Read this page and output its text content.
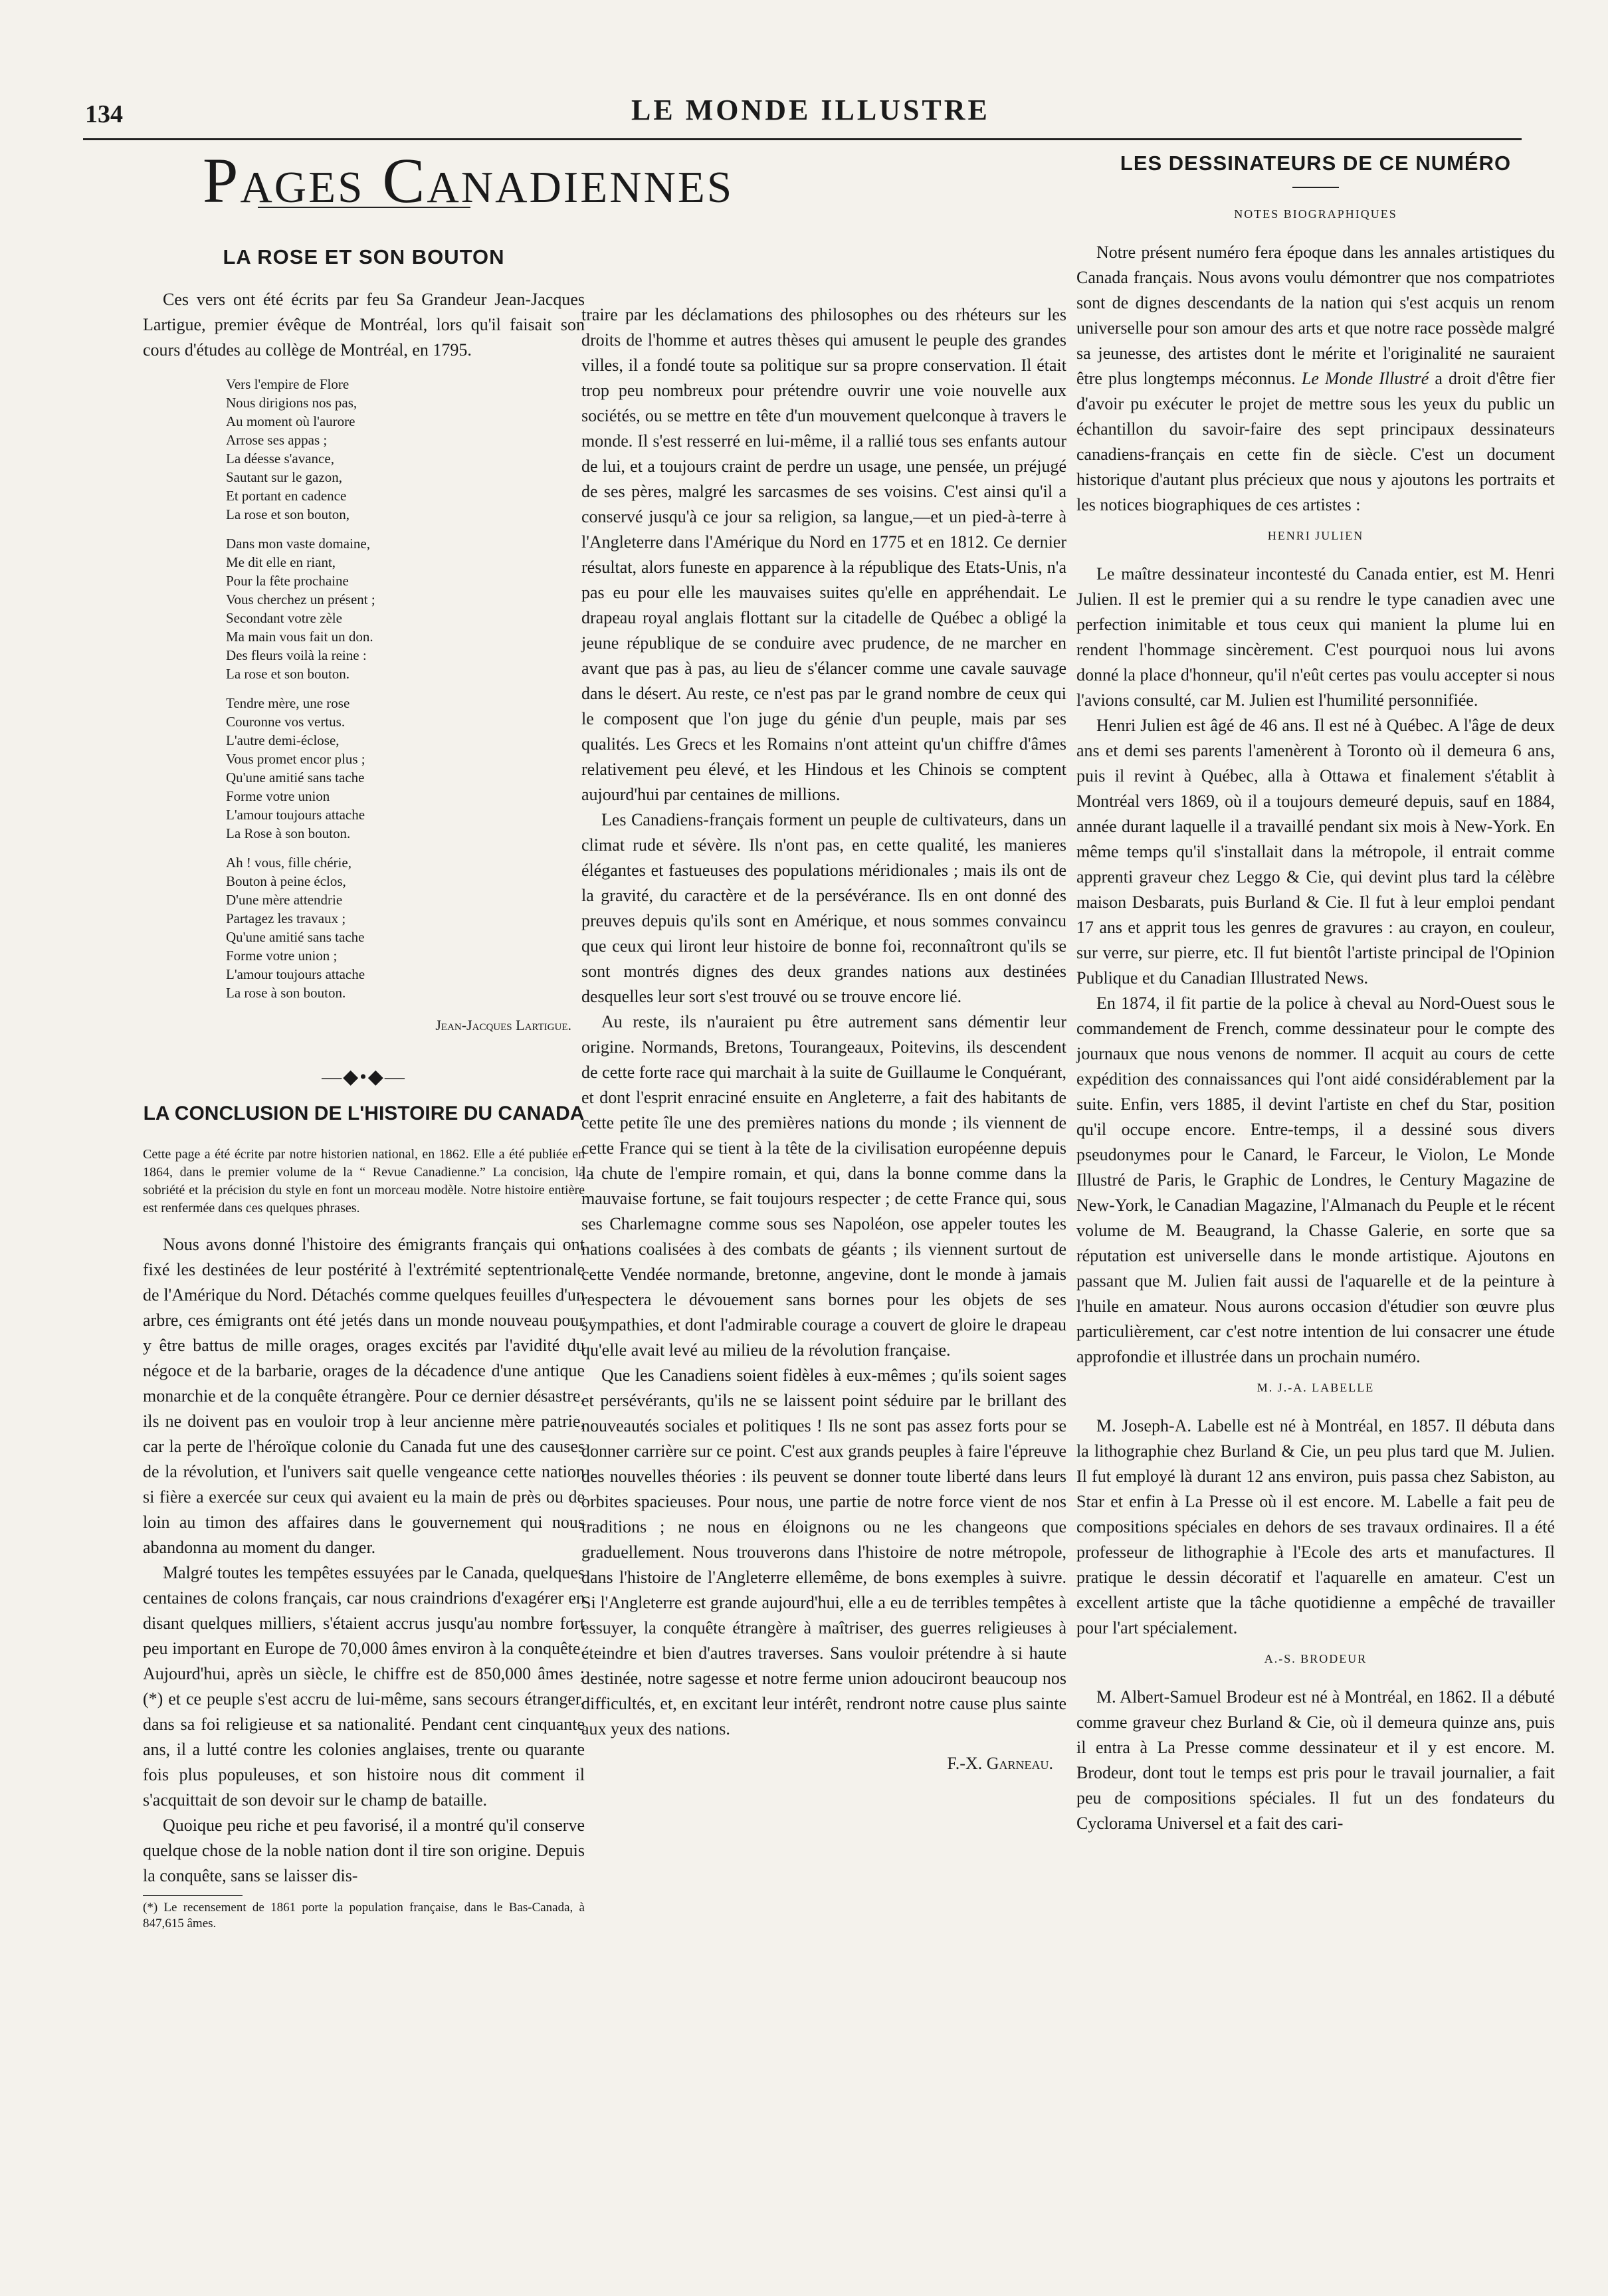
134	LE MONDE ILLUSTRE
Pages Canadiennes
LA ROSE ET SON BOUTON

Ces vers ont été écrits par feu Sa Grandeur Jean-Jacques Lartigue, premier évêque de Montréal, lors qu'il faisait son cours d'études au collège de Montréal, en 1795.

Vers l'empire de Flore
Nous dirigions nos pas,
Au moment où l'aurore
Arrose ses appas ;
La déesse s'avance,
Sautant sur le gazon,
Et portant en cadence
La rose et son bouton,
Dans mon vaste domaine,
Me dit elle en riant,
Pour la fête prochaine
Vous cherchez un présent ;
Secondant votre zèle
Ma main vous fait un don.
Des fleurs voilà la reine :
La rose et son bouton.
Tendre mère, une rose
Couronne vos vertus.
L'autre demi-éclose,
Vous promet encor plus ;
Qu'une amitié sans tache
Forme votre union
L'amour toujours attache
La Rose à son bouton.
Ah ! vous, fille chérie,
Bouton à peine éclos,
D'une mère attendrie
Partagez les travaux ;
Qu'une amitié sans tache
Forme votre union ;
L'amour toujours attache
La rose à son bouton.
Jean-Jacques Lartigue.
―◆•◆―
LA CONCLUSION DE L'HISTOIRE DU CANADA
Cette page a été écrite par notre historien national, en 1862. Elle a été publiée en 1864, dans le premier volume de la “ Revue Canadienne.” La concision, la sobriété et la précision du style en font un morceau modèle. Notre histoire entière est renfermée dans ces quelques phrases.

Nous avons donné l'histoire des émigrants français qui ont fixé les destinées de leur postérité à l'extrémité septentrionale de l'Amérique du Nord. Détachés comme quelques feuilles d'un arbre, ces émigrants ont été jetés dans un monde nouveau pour y être battus de mille orages, orages excités par l'avidité du négoce et de la barbarie, orages de la décadence d'une antique monarchie et de la conquête étrangère. Pour ce dernier désastre, ils ne doivent pas en vouloir trop à leur ancienne mère patrie, car la perte de l'héroïque colonie du Canada fut une des causes de la révolution, et l'univers sait quelle vengeance cette nation si fière a exercée sur ceux qui avaient eu la main de près ou de loin au timon des affaires dans le gouvernement qui nous abandonna au moment du danger.

Malgré toutes les tempêtes essuyées par le Canada, quelques centaines de colons français, car nous craindrions d'exagérer en disant quelques milliers, s'étaient accrus jusqu'au nombre fort peu important en Europe de 70,000 âmes environ à la conquête. Aujourd'hui, après un siècle, le chiffre est de 850,000 âmes ; (*) et ce peuple s'est accru de lui-même, sans secours étranger, dans sa foi religieuse et sa nationalité. Pendant cent cinquante ans, il a lutté contre les colonies anglaises, trente ou quarante fois plus populeuses, et son histoire nous dit comment il s'acquittait de son devoir sur le champ de bataille.

Quoique peu riche et peu favorisé, il a montré qu'il conserve quelque chose de la noble nation dont il tire son origine. Depuis la conquête, sans se laisser dis-

(*) Le recensement de 1861 porte la population française, dans le Bas-Canada, à 847,615 âmes.

traire par les déclamations des philosophes ou des rhéteurs sur les droits de l'homme et autres thèses qui amusent le peuple des grandes villes, il a fondé toute sa politique sur sa propre conservation. Il était trop peu nombreux pour prétendre ouvrir une voie nouvelle aux sociétés, ou se mettre en tête d'un mouvement quelconque à travers le monde. Il s'est resserré en lui-même, il a rallié tous ses enfants autour de lui, et a toujours craint de perdre un usage, une pensée, un préjugé de ses pères, malgré les sarcasmes de ses voisins. C'est ainsi qu'il a conservé jusqu'à ce jour sa religion, sa langue,—et un pied-à-terre à l'Angleterre dans l'Amérique du Nord en 1775 et en 1812. Ce dernier résultat, alors funeste en apparence à la république des Etats-Unis, n'a pas eu pour elle les mauvaises suites qu'elle en appréhendait. Le drapeau royal anglais flottant sur la citadelle de Québec a obligé la jeune république de se conduire avec prudence, de ne marcher en avant que pas à pas, au lieu de s'élancer comme une cavale sauvage dans le désert. Au reste, ce n'est pas par le grand nombre de ceux qui le composent que l'on juge du génie d'un peuple, mais par ses qualités. Les Grecs et les Romains n'ont atteint qu'un chiffre d'âmes relativement peu élevé, et les Hindous et les Chinois se comptent aujourd'hui par centaines de millions.

Les Canadiens-français forment un peuple de cultivateurs, dans un climat rude et sévère. Ils n'ont pas, en cette qualité, les manieres élégantes et fastueuses des populations méridionales ; mais ils ont de la gravité, du caractère et de la persévérance. Ils en ont donné des preuves depuis qu'ils sont en Amérique, et nous sommes convaincu que ceux qui liront leur histoire de bonne foi, reconnaîtront qu'ils se sont montrés dignes des deux grandes nations aux destinées desquelles leur sort s'est trouvé ou se trouve encore lié.

Au reste, ils n'auraient pu être autrement sans démentir leur origine. Normands, Bretons, Tourangeaux, Poitevins, ils descendent de cette forte race qui marchait à la suite de Guillaume le Conquérant, et dont l'esprit enraciné ensuite en Angleterre, a fait des habitants de cette petite île une des premières nations du monde ; ils viennent de cette France qui se tient à la tête de la civilisation européenne depuis la chute de l'empire romain, et qui, dans la bonne comme dans la mauvaise fortune, se fait toujours respecter ; de cette France qui, sous ses Charlemagne comme sous ses Napoléon, ose appeler toutes les nations coalisées à des combats de géants ; ils viennent surtout de cette Vendée normande, bretonne, angevine, dont le monde à jamais respectera le dévouement sans bornes pour les objets de ses sympathies, et dont l'admirable courage a couvert de gloire le drapeau qu'elle avait levé au milieu de la révolution française.

Que les Canadiens soient fidèles à eux-mêmes ; qu'ils soient sages et persévérants, qu'ils ne se laissent point séduire par le brillant des nouveautés sociales et politiques ! Ils ne sont pas assez forts pour se donner carrière sur ce point. C'est aux grands peuples à faire l'épreuve des nouvelles théories : ils peuvent se donner toute liberté dans leurs orbites spacieuses. Pour nous, une partie de notre force vient de nos traditions ; ne nous en éloignons ou ne les changeons que graduellement. Nous trouverons dans l'histoire de notre métropole, dans l'histoire de l'Angleterre ellemême, de bons exemples à suivre. Si l'Angleterre est grande aujourd'hui, elle a eu de terribles tempêtes à essuyer, la conquête étrangère à maîtriser, des guerres religieuses à éteindre et bien d'autres traverses. Sans vouloir prétendre à si haute destinée, notre sagesse et notre ferme union adouciront beaucoup nos difficultés, et, en excitant leur intérêt, rendront notre cause plus sainte aux yeux des nations.

F.-X. Garneau.
LES DESSINATEURS DE CE NUMÉRO
NOTES BIOGRAPHIQUES

Notre présent numéro fera époque dans les annales artistiques du Canada français. Nous avons voulu démontrer que nos compatriotes sont de dignes descendants de la nation qui s'est acquis un renom universelle pour son amour des arts et que notre race possède malgré sa jeunesse, des artistes dont le mérite et l'originalité ne sauraient être plus longtemps méconnus. Le Monde Illustré a droit d'être fier d'avoir pu exécuter le projet de mettre sous les yeux du public un échantillon du savoir-faire des sept principaux dessinateurs canadiens-français en cette fin de siècle. C'est un document historique d'autant plus précieux que nous y ajoutons les portraits et les notices biographiques de ces artistes :

HENRI JULIEN

Le maître dessinateur incontesté du Canada entier, est M. Henri Julien. Il est le premier qui a su rendre le type canadien avec une perfection inimitable et tous ceux qui manient la plume lui en rendent l'hommage sincèrement. C'est pourquoi nous lui avons donné la place d'honneur, qu'il n'eût certes pas voulu accepter si nous l'avions consulté, car M. Julien est l'humilité personnifiée.

Henri Julien est âgé de 46 ans. Il est né à Québec. A l'âge de deux ans et demi ses parents l'amenèrent à Toronto où il demeura 6 ans, puis il revint à Québec, alla à Ottawa et finalement s'établit à Montréal vers 1869, où il a toujours demeuré depuis, sauf en 1884, année durant laquelle il a travaillé pendant six mois à New-York. En même temps qu'il s'installait dans la métropole, il entrait comme apprenti graveur chez Leggo & Cie, qui devint plus tard la célèbre maison Desbarats, puis Burland & Cie. Il fut à leur emploi pendant 17 ans et apprit tous les genres de gravures : au crayon, en couleur, sur verre, sur pierre, etc. Il fut bientôt l'artiste principal de l'Opinion Publique et du Canadian Illustrated News.

En 1874, il fit partie de la police à cheval au Nord-Ouest sous le commandement de French, comme dessinateur pour le compte des journaux que nous venons de nommer. Il acquit au cours de cette expédition des connaissances qui l'ont aidé considérablement par la suite. Enfin, vers 1885, il devint l'artiste en chef du Star, position qu'il occupe encore. Entre-temps, il a dessiné sous divers pseudonymes pour le Canard, le Farceur, le Violon, Le Monde Illustré de Paris, le Graphic de Londres, le Century Magazine de New-York, le Canadian Magazine, l'Almanach du Peuple et le récent volume de M. Beaugrand, la Chasse Galerie, en sorte que sa réputation est universelle dans le monde artistique. Ajoutons en passant que M. Julien fait aussi de l'aquarelle et de la peinture à l'huile en amateur. Nous aurons occasion d'étudier son œuvre plus particulièrement, car c'est notre intention de lui consacrer une étude approfondie et illustrée dans un prochain numéro.

M. J.-A. LABELLE

M. Joseph-A. Labelle est né à Montréal, en 1857. Il débuta dans la lithographie chez Burland & Cie, un peu plus tard que M. Julien. Il fut employé là durant 12 ans environ, puis passa chez Sabiston, au Star et enfin à La Presse où il est encore. M. Labelle a fait peu de compositions spéciales en dehors de ses travaux ordinaires. Il a été professeur de lithographie à l'Ecole des arts et manufactures. Il pratique le dessin décoratif et l'aquarelle en amateur. C'est un excellent artiste que la tâche quotidienne a empêché de travailler pour l'art spécialement.

A.-S. BRODEUR

M. Albert-Samuel Brodeur est né à Montréal, en 1862. Il a débuté comme graveur chez Burland & Cie, où il demeura quinze ans, puis il entra à La Presse comme dessinateur et il y est encore. M. Brodeur, dont tout le temps est pris pour le travail journalier, a fait peu de compositions spéciales. Il fut un des fondateurs du Cyclorama Universel et a fait des cari-
